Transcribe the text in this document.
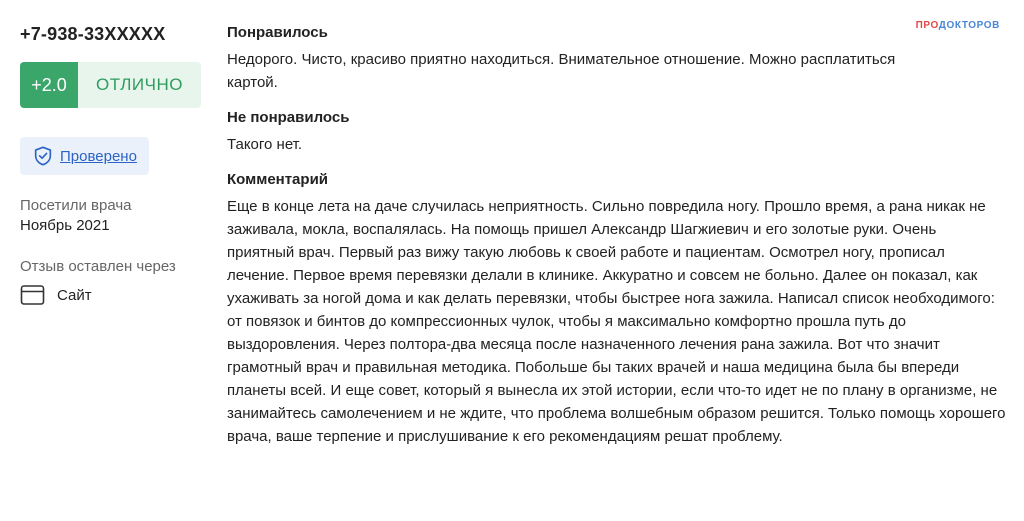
ПРОДОКТОРОВ
+7-938-33XXXXX
+2.0	ОТЛИЧНО
Проверено
Посетили врача
Ноябрь 2021
Отзыв оставлен через
Сайт
Понравилось
Недорого. Чисто, красиво приятно находиться. Внимательное отношение. Можно расплатиться картой.
Не понравилось
Такого нет.
Комментарий
Еще в конце лета на даче случилась неприятность. Сильно повредила ногу. Прошло время, а рана никак не заживала, мокла, воспалялась. На помощь пришел Александр Шагжиевич и его золотые руки. Очень приятный врач. Первый раз вижу такую любовь к своей работе и пациентам. Осмотрел ногу, прописал лечение. Первое время перевязки делали в клинике. Аккуратно и совсем не больно. Далее он показал, как ухаживать за ногой дома и как делать перевязки, чтобы быстрее нога зажила. Написал список необходимого: от повязок и бинтов до компрессионных чулок, чтобы я максимально комфортно прошла путь до выздоровления. Через полтора-два месяца после назначенного лечения рана зажила. Вот что значит грамотный врач и правильная методика. Побольше бы таких врачей и наша медицина была бы впереди планеты всей. И еще совет, который я вынесла их этой истории, если что-то идет не по плану в организме, не занимайтесь самолечением и не ждите, что проблема волшебным образом решится. Только помощь хорошего врача, ваше терпение и прислушивание к его рекомендациям решат проблему.
